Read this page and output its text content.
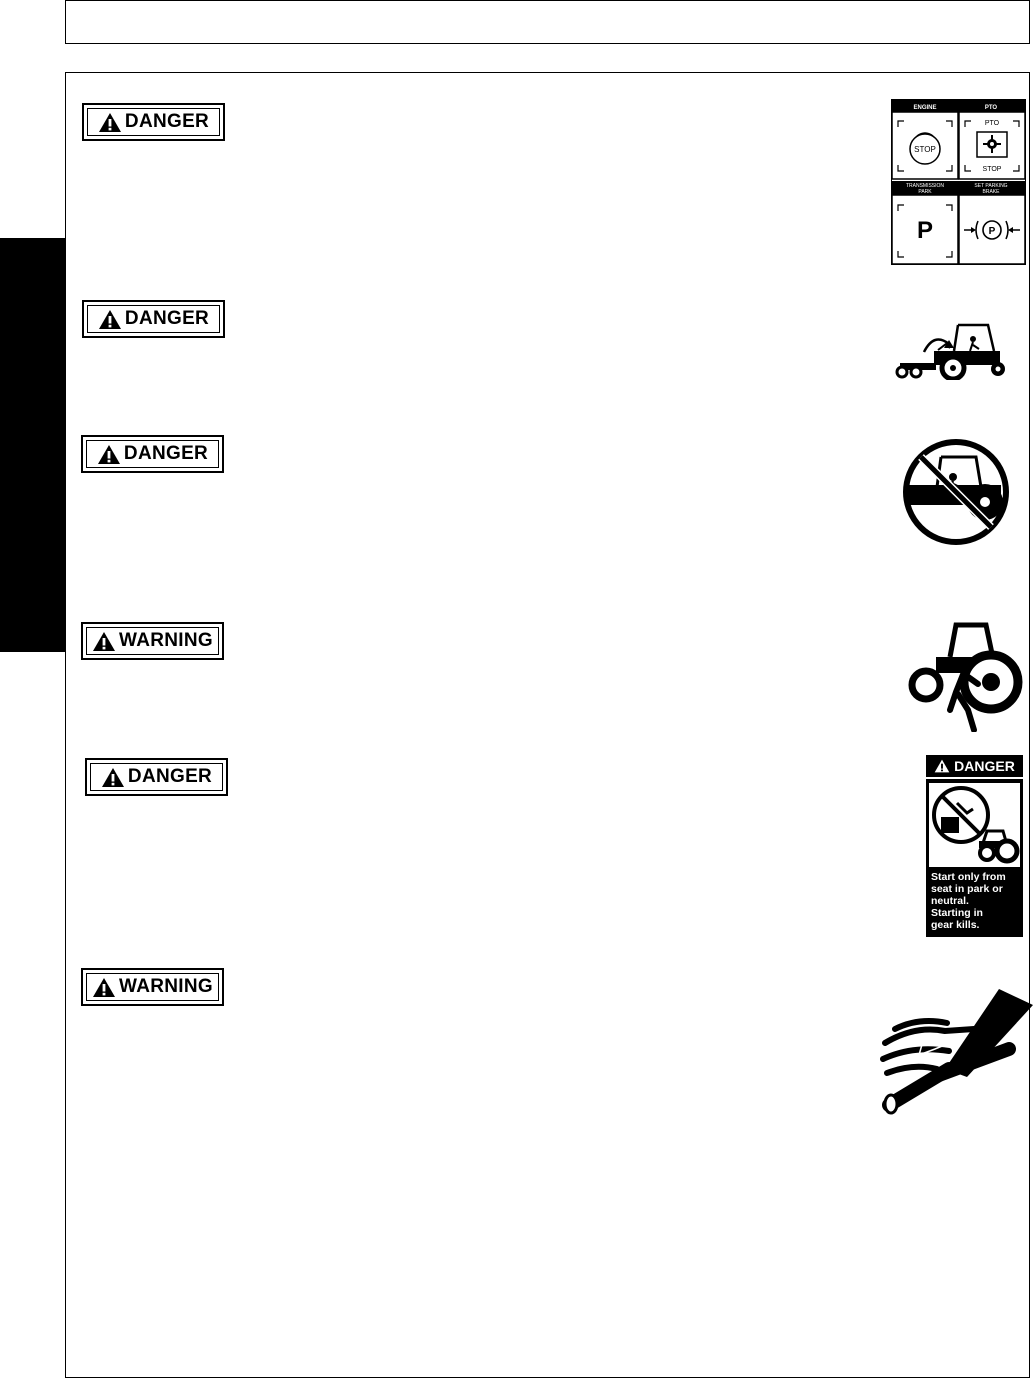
DANGER
DANGER
DANGER
WARNING
DANGER
WARNING
ENGINE	PTO
STOP
PTO
STOP
TRANSMISSION
PARK
SET PARKING
BRAKE
P	P
DANGER
Start only from
seat in park or
neutral.
Starting in
gear kills.
